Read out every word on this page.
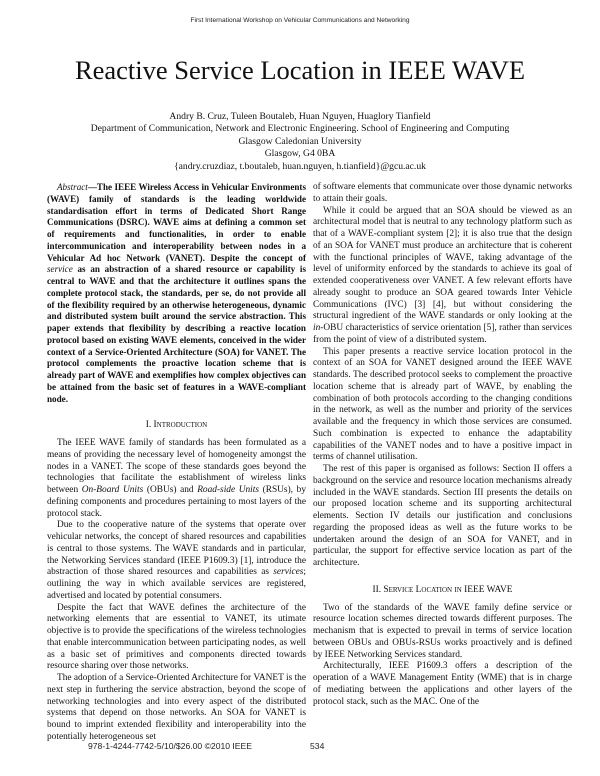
First International Workshop on Vehicular Communications and Networking
Reactive Service Location in IEEE WAVE
Andry B. Cruz, Tuleen Boutaleb, Huan Nguyen, Huaglory Tianfield
Department of Communication, Network and Electronic Engineering. School of Engineering and Computing
Glasgow Caledonian University
Glasgow, G4 0BA
{andry.cruzdiaz, t.boutaleb, huan.nguyen, h.tianfield}@gcu.ac.uk

Abstract—The IEEE Wireless Access in Vehicular Environments (WAVE) family of standards is the leading worldwide standardisation effort in terms of Dedicated Short Range Communications (DSRC). WAVE aims at defining a common set of requirements and functionalities, in order to enable intercommunication and interoperability between nodes in a Vehicular Ad hoc Network (VANET). Despite the concept of service as an abstraction of a shared resource or capability is central to WAVE and that the architecture it outlines spans the complete protocol stack, the standards, per se, do not provide all of the flexibility required by an otherwise heterogeneous, dynamic and distributed system built around the service abstraction. This paper extends that flexibility by describing a reactive location protocol based on existing WAVE elements, conceived in the wider context of a Service-Oriented Architecture (SOA) for VANET. The protocol complements the proactive location scheme that is already part of WAVE and exemplifies how complex objectives can be attained from the basic set of features in a WAVE-compliant node.

I. Introduction

The IEEE WAVE family of standards has been formulated as a means of providing the necessary level of homogeneity amongst the nodes in a VANET. The scope of these standards goes beyond the technologies that facilitate the establishment of wireless links between On-Board Units (OBUs) and Road-side Units (RSUs), by defining components and procedures pertaining to most layers of the protocol stack.

Due to the cooperative nature of the systems that operate over vehicular networks, the concept of shared resources and capabilities is central to those systems. The WAVE standards and in particular, the Networking Services standard (IEEE P1609.3) [1], introduce the abstraction of those shared resources and capabilities as services; outlining the way in which available services are registered, advertised and located by potential consumers.

Despite the fact that WAVE defines the architecture of the networking elements that are essential to VANET, its utimate objective is to provide the specifications of the wireless technologies that enable intercommunication between participating nodes, as well as a basic set of primitives and components directed towards resource sharing over those networks.

The adoption of a Service-Oriented Architecture for VANET is the next step in furthering the service abstraction, beyond the scope of networking technologies and into every aspect of the distributed systems that depend on those networks. An SOA for VANET is bound to imprint extended flexibility and interoperability into the potentially heterogeneous set

of software elements that communicate over those dynamic networks to attain their goals.

While it could be argued that an SOA should be viewed as an architectural model that is neutral to any technology platform such as that of a WAVE-compliant system [2]; it is also true that the design of an SOA for VANET must produce an architecture that is coherent with the functional principles of WAVE, taking advantage of the level of uniformity enforced by the standards to achieve its goal of extended cooperativeness over VANET. A few relevant efforts have already sought to produce an SOA geared towards Inter Vehicle Communications (IVC) [3] [4], but without considering the structural ingredient of the WAVE standards or only looking at the in-OBU characteristics of service orientation [5], rather than services from the point of view of a distributed system.

This paper presents a reactive service location protocol in the context of an SOA for VANET designed around the IEEE WAVE standards. The described protocol seeks to complement the proactive location scheme that is already part of WAVE, by enabling the combination of both protocols according to the changing conditions in the network, as well as the number and priority of the services available and the frequency in which those services are consumed. Such combination is expected to enhance the adaptability capabilities of the VANET nodes and to have a positive impact in terms of channel utilisation.

The rest of this paper is organised as follows: Section II offers a background on the service and resource location mechanisms already included in the WAVE standards. Section III presents the details on our proposed location scheme and its supporting architectural elements. Section IV details our justification and conclusions regarding the proposed ideas as well as the future works to be undertaken around the design of an SOA for VANET, and in particular, the support for effective service location as part of the architecture.

II. Service Location in IEEE WAVE

Two of the standards of the WAVE family define service or resource location schemes directed towards different purposes. The mechanism that is expected to prevail in terms of service location between OBUs and OBUs-RSUs works proactively and is defined by IEEE Networking Services standard.

Architecturally, IEEE P1609.3 offers a description of the operation of a WAVE Management Entity (WME) that is in charge of mediating between the applications and other layers of the protocol stack, such as the MAC. One of the

978-1-4244-7742-5/10/$26.00 ©2010 IEEE	534
